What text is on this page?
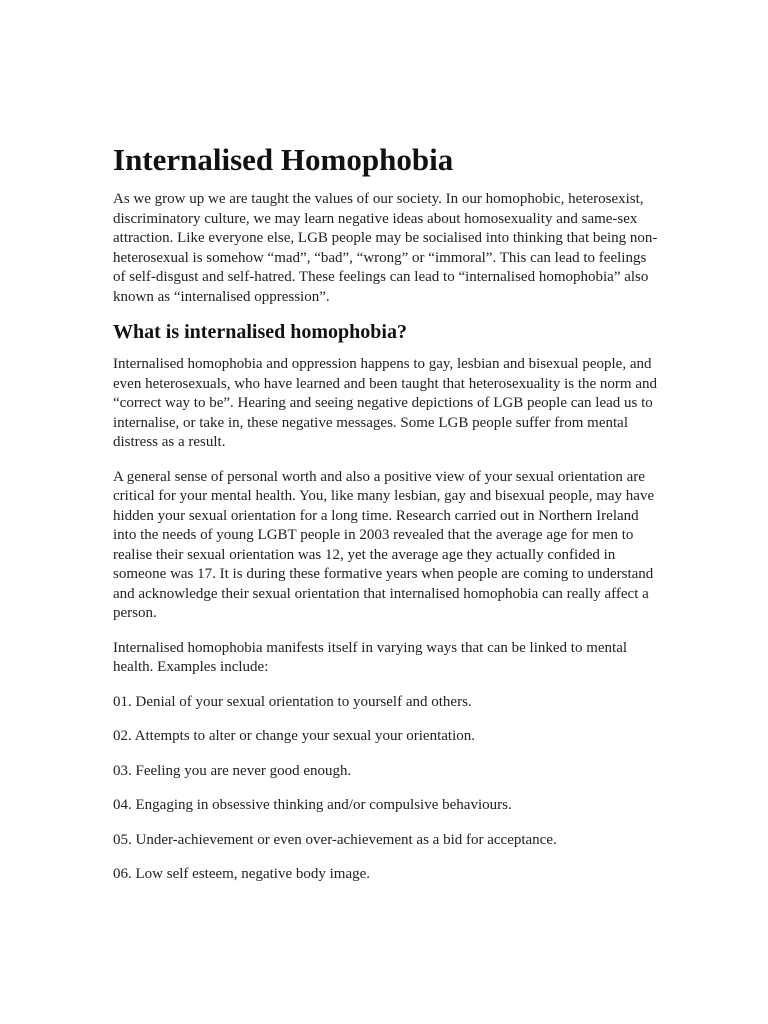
Internalised Homophobia

As we grow up we are taught the values of our society. In our homophobic, heterosexist, discriminatory culture, we may learn negative ideas about homosexuality and same-sex attraction. Like everyone else, LGB people may be socialised into thinking that being non-heterosexual is somehow “mad”, “bad”, “wrong” or “immoral”. This can lead to feelings of self-disgust and self-hatred. These feelings can lead to “internalised homophobia” also known as “internalised oppression”.

What is internalised homophobia?

Internalised homophobia and oppression happens to gay, lesbian and bisexual people, and even heterosexuals, who have learned and been taught that heterosexuality is the norm and “correct way to be”. Hearing and seeing negative depictions of LGB people can lead us to internalise, or take in, these negative messages. Some LGB people suffer from mental distress as a result.

A general sense of personal worth and also a positive view of your sexual orientation are critical for your mental health. You, like many lesbian, gay and bisexual people, may have hidden your sexual orientation for a long time. Research carried out in Northern Ireland into the needs of young LGBT people in 2003 revealed that the average age for men to realise their sexual orientation was 12, yet the average age they actually confided in someone was 17. It is during these formative years when people are coming to understand and acknowledge their sexual orientation that internalised homophobia can really affect a person.

Internalised homophobia manifests itself in varying ways that can be linked to mental health. Examples include:

01. Denial of your sexual orientation to yourself and others.
02. Attempts to alter or change your sexual your orientation.
03. Feeling you are never good enough.
04. Engaging in obsessive thinking and/or compulsive behaviours.
05. Under-achievement or even over-achievement as a bid for acceptance.
06. Low self esteem, negative body image.
